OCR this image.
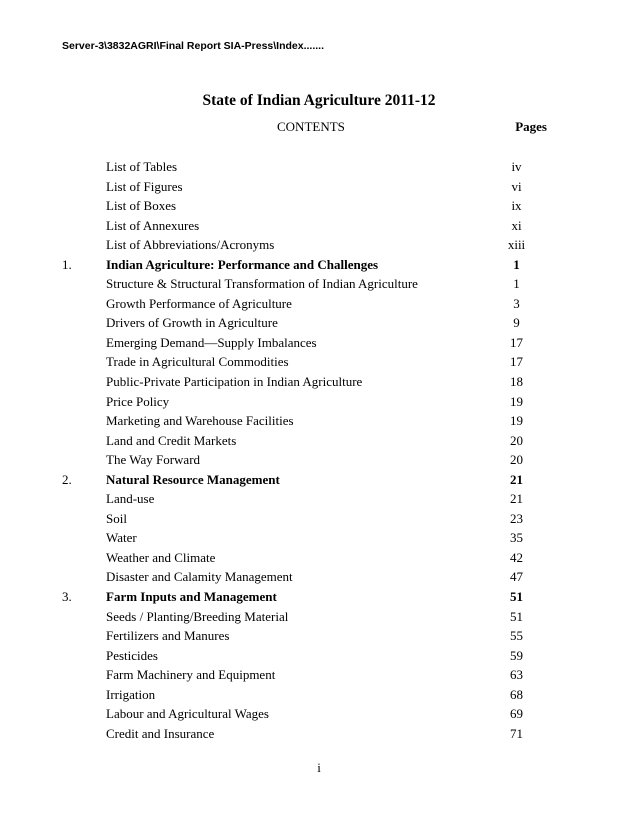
Server-3\3832AGRI\Final Report SIA-Press\Index.......
State of Indian Agriculture 2011-12
CONTENTS	Pages
List of Tables	iv
List of Figures	vi
List of Boxes	ix
List of Annexures	xi
List of Abbreviations/Acronyms	xiii
1.	Indian Agriculture: Performance and Challenges	1
Structure & Structural Transformation of Indian Agriculture	1
Growth Performance of Agriculture	3
Drivers of Growth in Agriculture	9
Emerging Demand—Supply Imbalances	17
Trade in Agricultural Commodities	17
Public-Private Participation in Indian Agriculture	18
Price Policy	19
Marketing and Warehouse Facilities	19
Land and Credit Markets	20
The Way Forward	20
2.	Natural Resource Management	21
Land-use	21
Soil	23
Water	35
Weather and Climate	42
Disaster and Calamity Management	47
3.	Farm Inputs and Management	51
Seeds / Planting/Breeding Material	51
Fertilizers and Manures	55
Pesticides	59
Farm Machinery and Equipment	63
Irrigation	68
Labour and Agricultural Wages	69
Credit and Insurance	71
i
